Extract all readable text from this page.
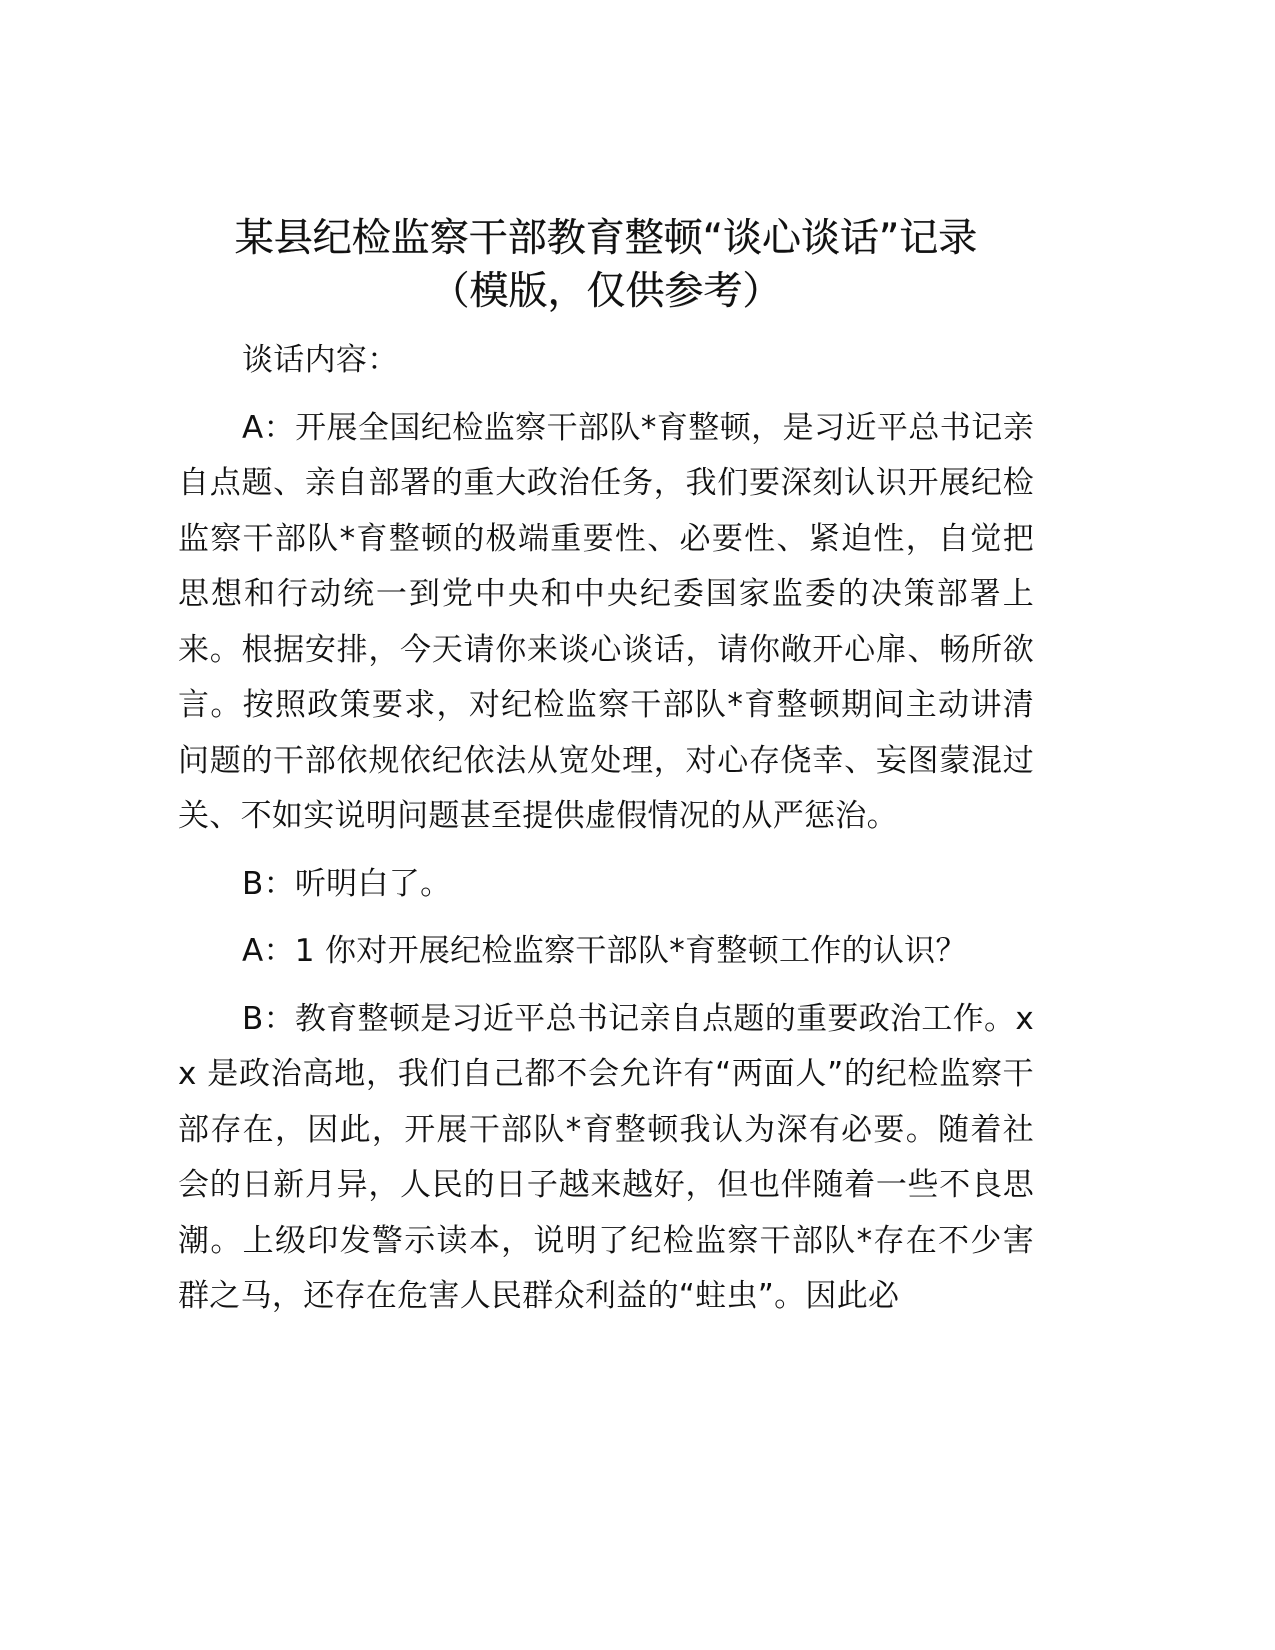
某县纪检监察干部教育整顿“谈心谈话”记录
（模版，仅供参考）

谈话内容：

A：开展全国纪检监察干部队*育整顿，是习近平总书记亲自点题、亲自部署的重大政治任务，我们要深刻认识开展纪检监察干部队*育整顿的极端重要性、必要性、紧迫性，自觉把思想和行动统一到党中央和中央纪委国家监委的决策部署上来。根据安排，今天请你来谈心谈话，请你敞开心扉、畅所欲言。按照政策要求，对纪检监察干部队*育整顿期间主动讲清问题的干部依规依纪依法从宽处理，对心存侥幸、妄图蒙混过关、不如实说明问题甚至提供虚假情况的从严惩治。

B：听明白了。

A：1 你对开展纪检监察干部队*育整顿工作的认识？

B：教育整顿是习近平总书记亲自点题的重要政治工作。xx 是政治高地，我们自己都不会允许有“两面人”的纪检监察干部存在，因此，开展干部队*育整顿我认为深有必要。随着社会的日新月异，人民的日子越来越好，但也伴随着一些不良思潮。上级印发警示读本，说明了纪检监察干部队*存在不少害群之马，还存在危害人民群众利益的“蛀虫”。因此必
